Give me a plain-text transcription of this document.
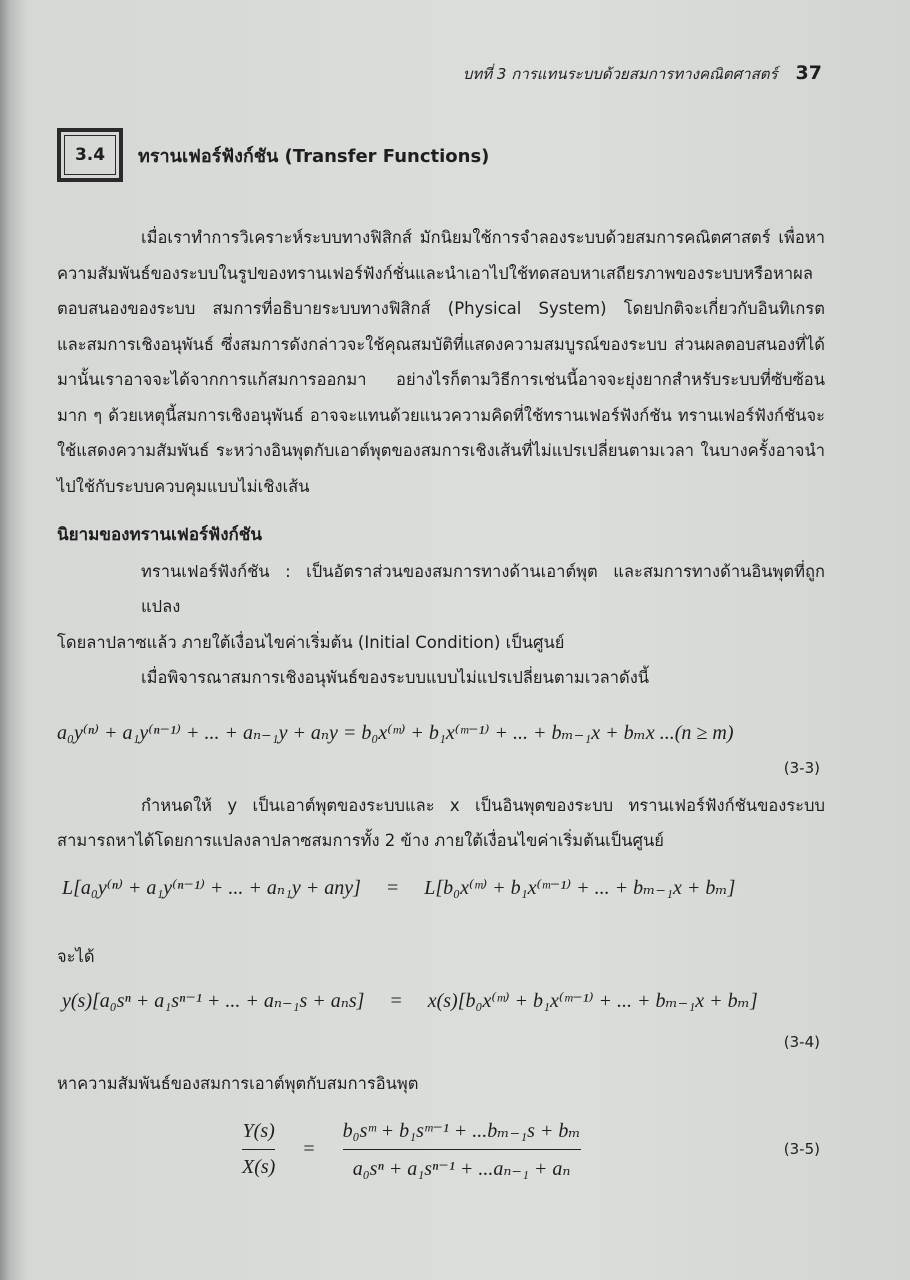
บทที่ 3 การแทนระบบด้วยสมการทางคณิตศาสตร์ 37
3.4 ทรานเฟอร์ฟังก์ชัน (Transfer Functions)
เมื่อเราทำการวิเคราะห์ระบบทางฟิสิกส์ มักนิยมใช้การจำลองระบบด้วยสมการคณิตศาสตร์ เพื่อหา
ความสัมพันธ์ของระบบในรูปของทรานเฟอร์ฟังก์ชั่นและนำเอาไปใช้ทดสอบหาเสถียรภาพของระบบหรือหาผล
ตอบสนองของระบบ สมการที่อธิบายระบบทางฟิสิกส์ (Physical System) โดยปกติจะเกี่ยวกับอินทิเกรต
และสมการเชิงอนุพันธ์ ซึ่งสมการดังกล่าวจะใช้คุณสมบัติที่แสดงความสมบูรณ์ของระบบ ส่วนผลตอบสนองที่ได้
มานั้นเราอาจจะได้จากการแก้สมการออกมา อย่างไรก็ตามวิธีการเช่นนี้อาจจะยุ่งยากสำหรับระบบที่ซับซ้อน
มาก ๆ ด้วยเหตุนี้สมการเชิงอนุพันธ์ อาจจะแทนด้วยแนวความคิดที่ใช้ทรานเฟอร์ฟังก์ชัน ทรานเฟอร์ฟังก์ชันจะ
ใช้แสดงความสัมพันธ์ ระหว่างอินพุตกับเอาต์พุตของสมการเชิงเส้นที่ไม่แปรเปลี่ยนตามเวลา ในบางครั้งอาจนำ
ไปใช้กับระบบควบคุมแบบไม่เชิงเส้น
นิยามของทรานเฟอร์ฟังก์ชัน
ทรานเฟอร์ฟังก์ชัน : เป็นอัตราส่วนของสมการทางด้านเอาต์พุต และสมการทางด้านอินพุตที่ถูกแปลง
โดยลาปลาซแล้ว ภายใต้เงื่อนไขค่าเริ่มต้น (Initial Condition) เป็นศูนย์
เมื่อพิจารณาสมการเชิงอนุพันธ์ของระบบแบบไม่แปรเปลี่ยนตามเวลาดังนี้
a₀y⁽ⁿ⁾ + a₁y⁽ⁿ⁻¹⁾ + ... + aₙ₋₁y + aₙy = b₀x⁽ᵐ⁾ + b₁x⁽ᵐ⁻¹⁾ + ... + bₘ₋₁x + bₘx ...(n ≥ m)
(3-3)
กำหนดให้ y เป็นเอาต์พุตของระบบและ x เป็นอินพุตของระบบ ทรานเฟอร์ฟังก์ชันของระบบ
สามารถหาได้โดยการแปลงลาปลาซสมการทั้ง 2 ข้าง ภายใต้เงื่อนไขค่าเริ่มต้นเป็นศูนย์
L[a₀y⁽ⁿ⁾ + a₁y⁽ⁿ⁻¹⁾ + ... + aₙ₁y + any] = L[b₀x⁽ᵐ⁾ + b₁x⁽ᵐ⁻¹⁾ + ... + bₘ₋₁x + bₘ]
จะได้
y(s)[a₀sⁿ + a₁sⁿ⁻¹ + ... + aₙ₋₁s + aₙs] = x(s)[b₀x⁽ᵐ⁾ + b₁x⁽ᵐ⁻¹⁾ + ... + bₘ₋₁x + bₘ]
(3-4)
หาความสัมพันธ์ของสมการเอาต์พุตกับสมการอินพุต
$\frac{Y(s)}{X(s)} = \frac{\text{b₀sᵐ + b₁sᵐ⁻¹ + ...bₘ₋₁s + bₘ}}{\text{a₀sⁿ + a₁sⁿ⁻¹ + ...aₙ₋₁ + aₙ}}$	(3-5)
